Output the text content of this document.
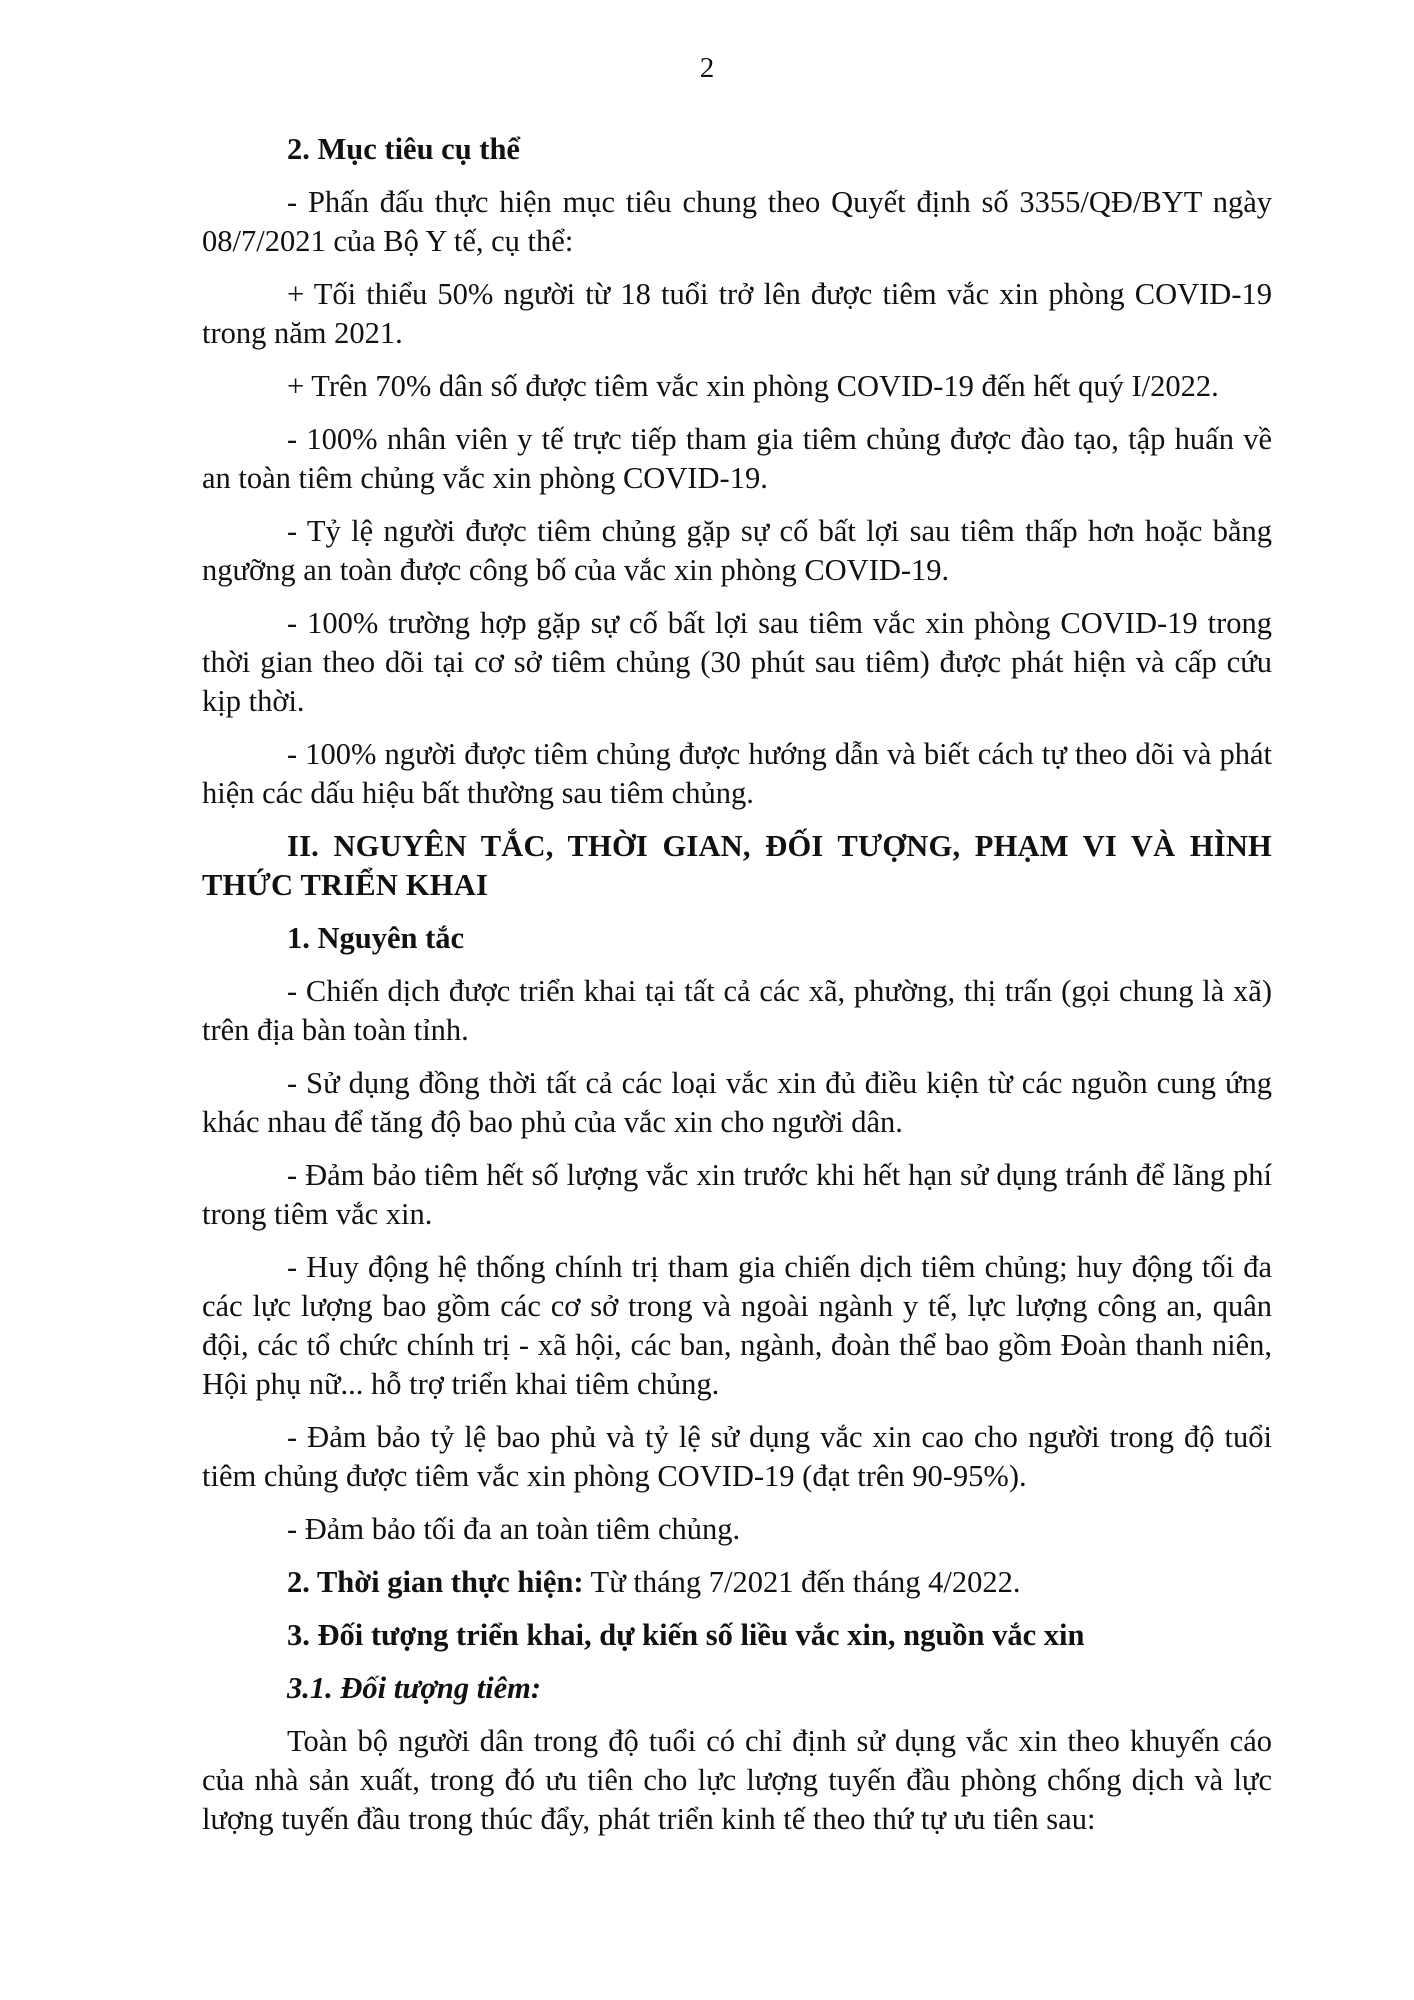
2

2. Mục tiêu cụ thể

- Phấn đấu thực hiện mục tiêu chung theo Quyết định số 3355/QĐ/BYT ngày 08/7/2021 của Bộ Y tế, cụ thể:

+ Tối thiểu 50% người từ 18 tuổi trở lên được tiêm vắc xin phòng COVID-19 trong năm 2021.

+ Trên 70% dân số được tiêm vắc xin phòng COVID-19 đến hết quý I/2022.

- 100% nhân viên y tế trực tiếp tham gia tiêm chủng được đào tạo, tập huấn về an toàn tiêm chủng vắc xin phòng COVID-19.

- Tỷ lệ người được tiêm chủng gặp sự cố bất lợi sau tiêm thấp hơn hoặc bằng ngưỡng an toàn được công bố của vắc xin phòng COVID-19.

- 100% trường hợp gặp sự cố bất lợi sau tiêm vắc xin phòng COVID-19 trong thời gian theo dõi tại cơ sở tiêm chủng (30 phút sau tiêm) được phát hiện và cấp cứu kịp thời.

- 100% người được tiêm chủng được hướng dẫn và biết cách tự theo dõi và phát hiện các dấu hiệu bất thường sau tiêm chủng.

II. NGUYÊN TẮC, THỜI GIAN, ĐỐI TƯỢNG, PHẠM VI VÀ HÌNH THỨC TRIỂN KHAI

1. Nguyên tắc

- Chiến dịch được triển khai tại tất cả các xã, phường, thị trấn (gọi chung là xã) trên địa bàn toàn tỉnh.

- Sử dụng đồng thời tất cả các loại vắc xin đủ điều kiện từ các nguồn cung ứng khác nhau để tăng độ bao phủ của vắc xin cho người dân.

- Đảm bảo tiêm hết số lượng vắc xin trước khi hết hạn sử dụng tránh để lãng phí trong tiêm vắc xin.

- Huy động hệ thống chính trị tham gia chiến dịch tiêm chủng; huy động tối đa các lực lượng bao gồm các cơ sở trong và ngoài ngành y tế, lực lượng công an, quân đội, các tổ chức chính trị - xã hội, các ban, ngành, đoàn thể bao gồm Đoàn thanh niên, Hội phụ nữ... hỗ trợ triển khai tiêm chủng.

- Đảm bảo tỷ lệ bao phủ và tỷ lệ sử dụng vắc xin cao cho người trong độ tuổi tiêm chủng được tiêm vắc xin phòng COVID-19 (đạt trên 90-95%).

- Đảm bảo tối đa an toàn tiêm chủng.

2. Thời gian thực hiện: Từ tháng 7/2021 đến tháng 4/2022.

3. Đối tượng triển khai, dự kiến số liều vắc xin, nguồn vắc xin

3.1. Đối tượng tiêm:

Toàn bộ người dân trong độ tuổi có chỉ định sử dụng vắc xin theo khuyến cáo của nhà sản xuất, trong đó ưu tiên cho lực lượng tuyến đầu phòng chống dịch và lực lượng tuyến đầu trong thúc đẩy, phát triển kinh tế theo thứ tự ưu tiên sau:
